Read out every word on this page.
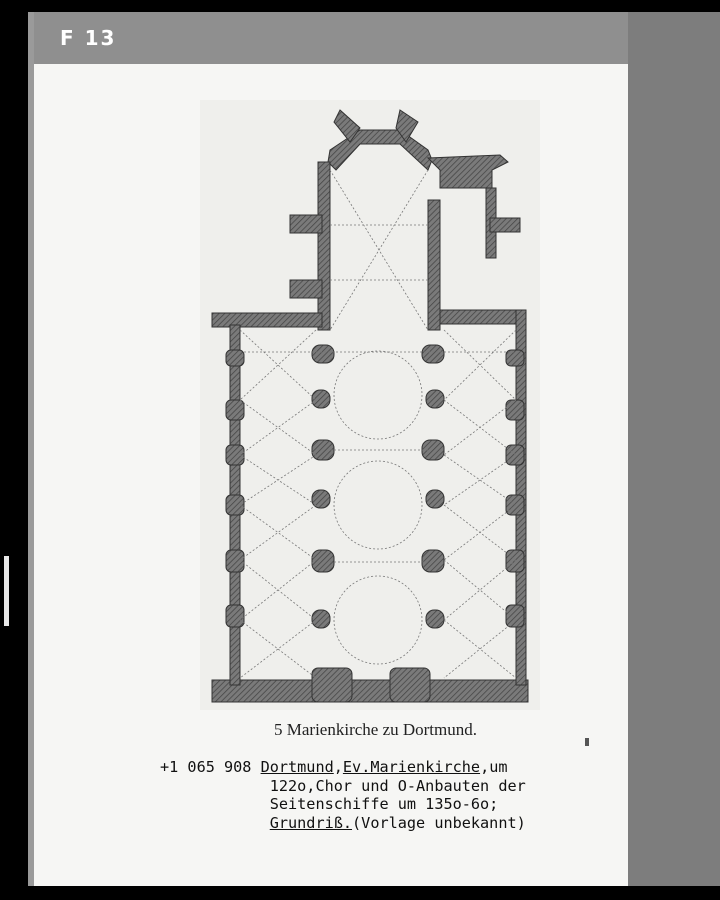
F 13
5 Marienkirche zu Dortmund.
+1 065 908 Dortmund,Ev.Marienkirche,um
122o,Chor und O-Anbauten der
Seitenschiffe um 135o-6o;
Grundriß.(Vorlage unbekannt)
